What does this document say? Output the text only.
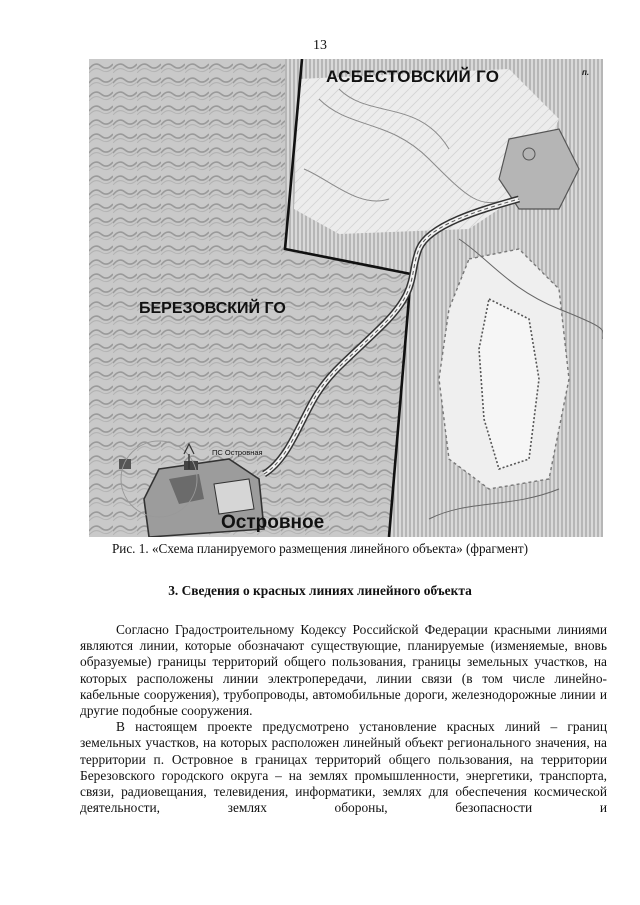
13
АСБЕСТОВСКИЙ ГО
БЕРЕЗОВСКИЙ ГО
ПС Островная
Островное
п.
Рис. 1. «Схема планируемого размещения линейного объекта» (фрагмент)
3. Сведения о красных линиях линейного объекта

Согласно Градостроительному Кодексу Российской Федерации красными линиями являются линии, которые обозначают существующие, планируемые (изменяемые, вновь образуемые) границы территорий общего пользования, границы земельных участков, на которых расположены линии электропередачи, линии связи (в том числе линейно-кабельные сооружения), трубопроводы, автомобильные дороги, железнодорожные линии и другие подобные сооружения.

В настоящем проекте предусмотрено установление красных линий – границ земельных участков, на которых расположен линейный объект регионального значения, на территории п. Островное в границах территорий общего пользования, на территории Березовского городского округа – на землях промышленности, энергетики, транспорта, связи, радиовещания, телевидения, информатики, землях для обеспечения космической деятельности, землях обороны, безопасности и
